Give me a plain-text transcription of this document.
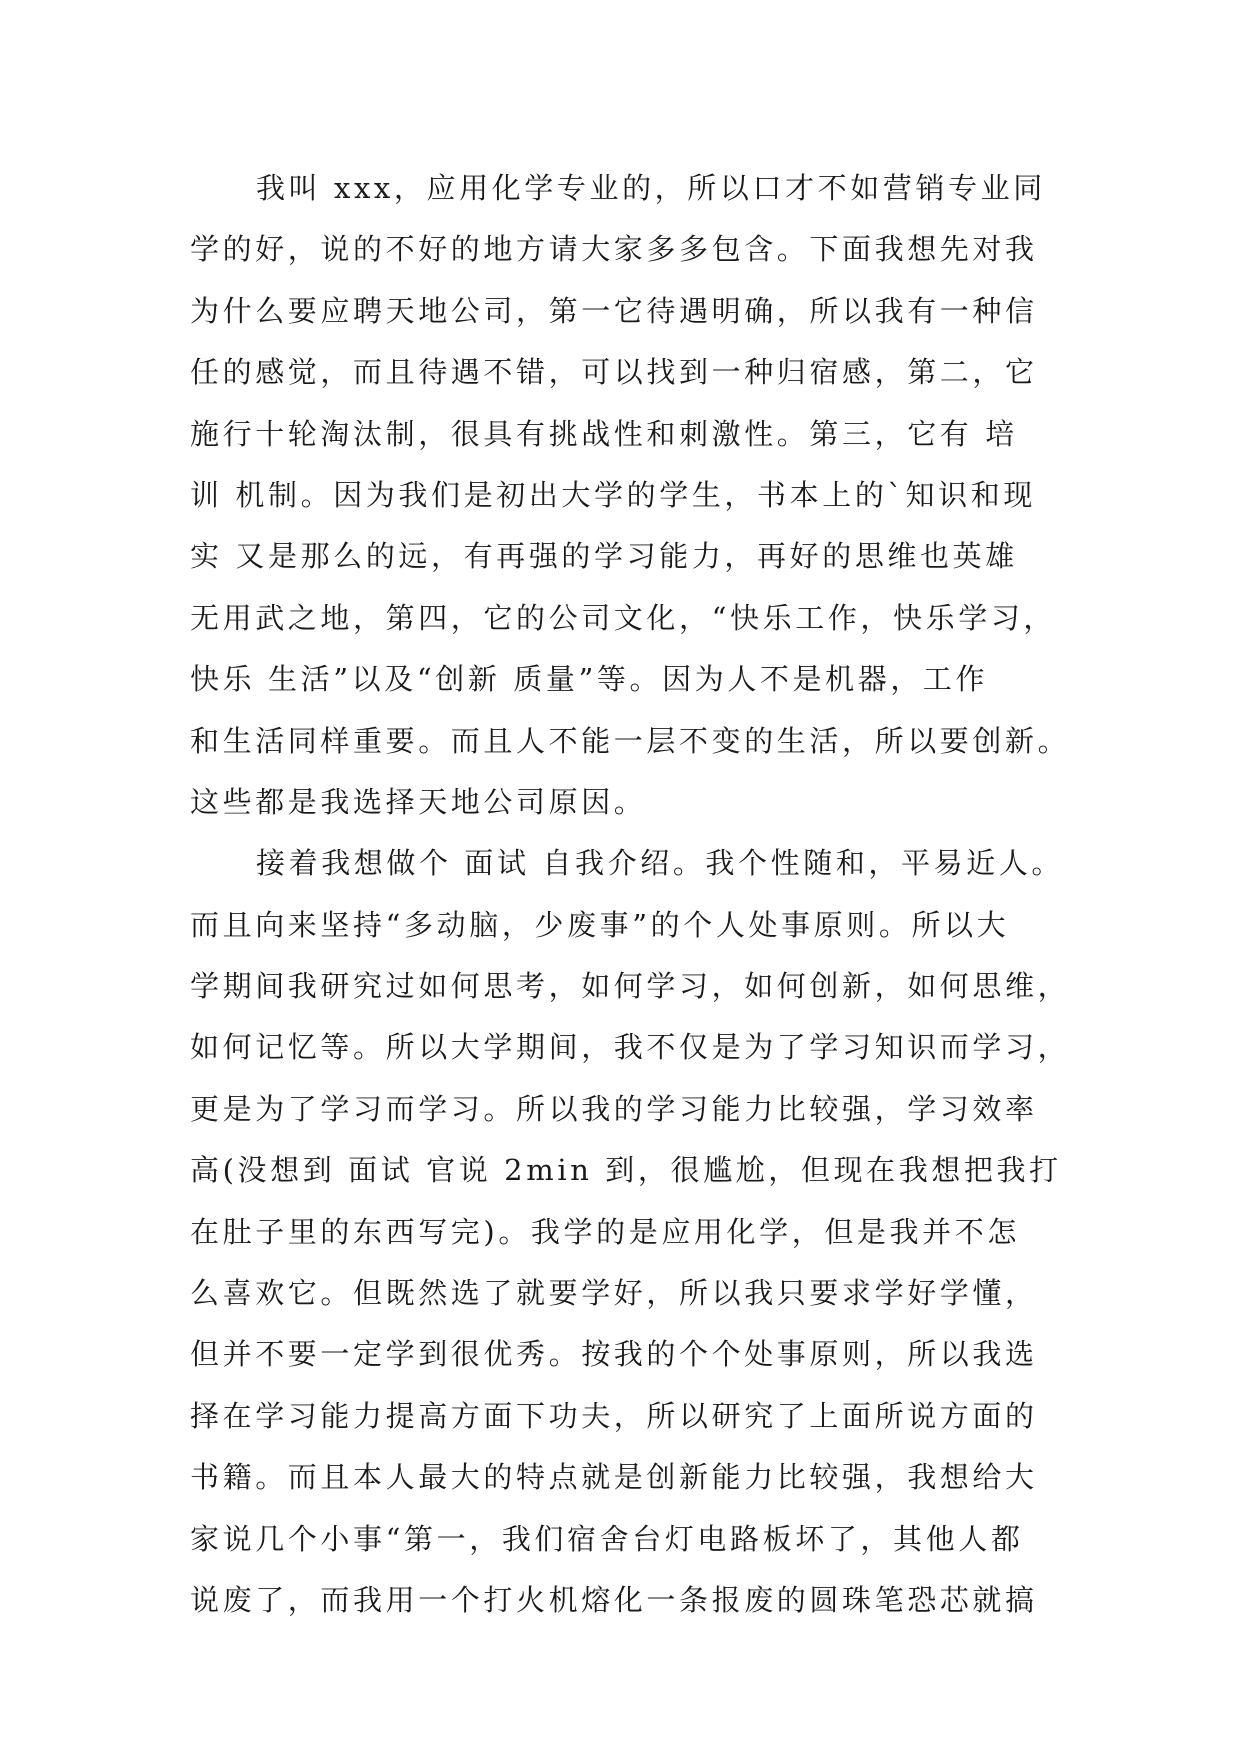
我叫 xxx，应用化学专业的，所以口才不如营销专业同
学的好，说的不好的地方请大家多多包含。下面我想先对我
为什么要应聘天地公司，第一它待遇明确，所以我有一种信
任的感觉，而且待遇不错，可以找到一种归宿感，第二，它
施行十轮淘汰制，很具有挑战性和刺激性。第三，它有 培
训 机制。因为我们是初出大学的学生，书本上的`知识和现
实 又是那么的远，有再强的学习能力，再好的思维也英雄
无用武之地，第四，它的公司文化，“快乐工作，快乐学习，
快乐 生活”以及“创新 质量”等。因为人不是机器，工作
和生活同样重要。而且人不能一层不变的生活，所以要创新。
这些都是我选择天地公司原因。
接着我想做个 面试 自我介绍。我个性随和，平易近人。
而且向来坚持“多动脑，少废事”的个人处事原则。所以大
学期间我研究过如何思考，如何学习，如何创新，如何思维，
如何记忆等。所以大学期间，我不仅是为了学习知识而学习，
更是为了学习而学习。所以我的学习能力比较强，学习效率
高(没想到 面试 官说 2min 到，很尴尬，但现在我想把我打
在肚子里的东西写完)。我学的是应用化学，但是我并不怎
么喜欢它。但既然选了就要学好，所以我只要求学好学懂，
但并不要一定学到很优秀。按我的个个处事原则，所以我选
择在学习能力提高方面下功夫，所以研究了上面所说方面的
书籍。而且本人最大的特点就是创新能力比较强，我想给大
家说几个小事“第一，我们宿舍台灯电路板坏了，其他人都
说废了，而我用一个打火机熔化一条报废的圆珠笔恐芯就搞
